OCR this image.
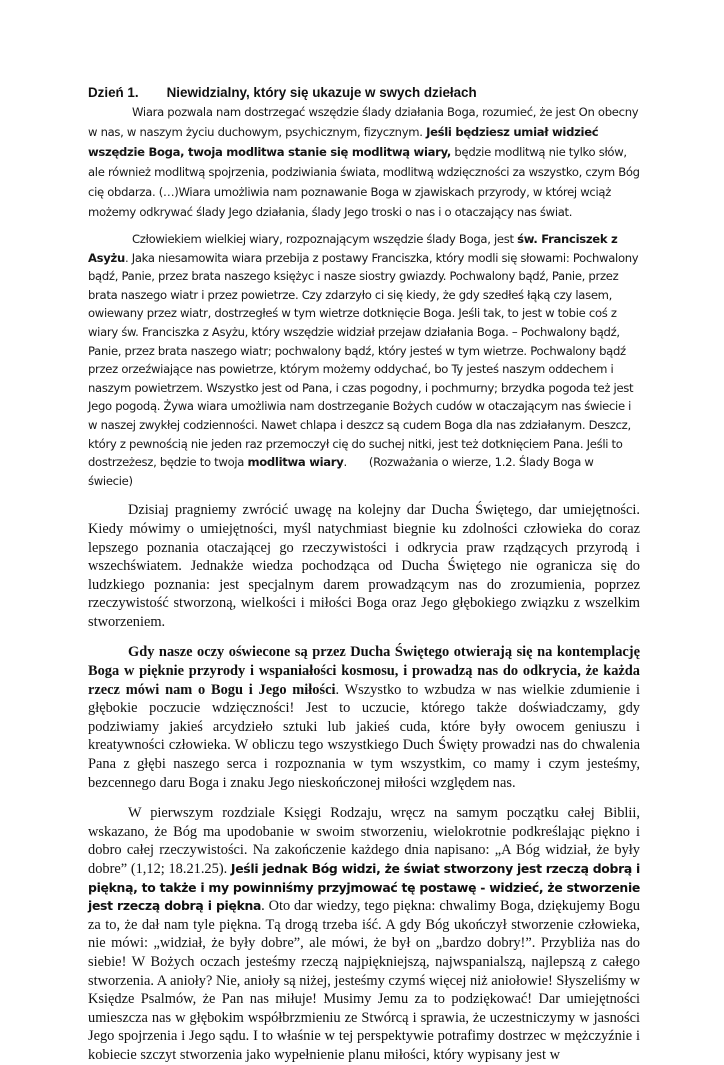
Dzień 1. Niewidzialny, który się ukazuje w swych dziełach

Wiara pozwala nam dostrzegać wszędzie ślady działania Boga, rozumieć, że jest On obecny w nas, w naszym życiu duchowym, psychicznym, fizycznym. Jeśli będziesz umiał widzieć wszędzie Boga, twoja modlitwa stanie się modlitwą wiary, będzie modlitwą nie tylko słów, ale również modlitwą spojrzenia, podziwiania świata, modlitwą wdzięczności za wszystko, czym Bóg cię obdarza. (…)Wiara umożliwia nam poznawanie Boga w zjawiskach przyrody, w której wciąż możemy odkrywać ślady Jego działania, ślady Jego troski o nas i o otaczający nas świat.

Człowiekiem wielkiej wiary, rozpoznającym wszędzie ślady Boga, jest św. Franciszek z Asyżu. Jaka niesamowita wiara przebija z postawy Franciszka, który modli się słowami: Pochwalony bądź, Panie, przez brata naszego księżyc i nasze siostry gwiazdy. Pochwalony bądź, Panie, przez brata naszego wiatr i przez powietrze. Czy zdarzyło ci się kiedy, że gdy szedłeś łąką czy lasem, owiewany przez wiatr, dostrzegłeś w tym wietrze dotknięcie Boga. Jeśli tak, to jest w tobie coś z wiary św. Franciszka z Asyżu, który wszędzie widział przejaw działania Boga. – Pochwalony bądź, Panie, przez brata naszego wiatr; pochwalony bądź, który jesteś w tym wietrze. Pochwalony bądź przez orzeźwiające nas powietrze, którym możemy oddychać, bo Ty jesteś naszym oddechem i naszym powietrzem. Wszystko jest od Pana, i czas pogodny, i pochmurny; brzydka pogoda też jest Jego pogodą. Żywa wiara umożliwia nam dostrzeganie Bożych cudów w otaczającym nas świecie i w naszej zwykłej codzienności. Nawet chlapa i deszcz są cudem Boga dla nas zdziałanym. Deszcz, który z pewnością nie jeden raz przemoczył cię do suchej nitki, jest też dotknięciem Pana. Jeśli to dostrzeżesz, będzie to twoja modlitwa wiary. (Rozważania o wierze, 1.2. Ślady Boga w świecie)

Dzisiaj pragniemy zwrócić uwagę na kolejny dar Ducha Świętego, dar umiejętności. Kiedy mówimy o umiejętności, myśl natychmiast biegnie ku zdolności człowieka do coraz lepszego poznania otaczającej go rzeczywistości i odkrycia praw rządzących przyrodą i wszechświatem. Jednakże wiedza pochodząca od Ducha Świętego nie ogranicza się do ludzkiego poznania: jest specjalnym darem prowadzącym nas do zrozumienia, poprzez rzeczywistość stworzoną, wielkości i miłości Boga oraz Jego głębokiego związku z wszelkim stworzeniem.

Gdy nasze oczy oświecone są przez Ducha Świętego otwierają się na kontemplację Boga w pięknie przyrody i wspaniałości kosmosu, i prowadzą nas do odkrycia, że każda rzecz mówi nam o Bogu i Jego miłości. Wszystko to wzbudza w nas wielkie zdumienie i głębokie poczucie wdzięczności! Jest to uczucie, którego także doświadczamy, gdy podziwiamy jakieś arcydzieło sztuki lub jakieś cuda, które były owocem geniuszu i kreatywności człowieka. W obliczu tego wszystkiego Duch Święty prowadzi nas do chwalenia Pana z głębi naszego serca i rozpoznania w tym wszystkim, co mamy i czym jesteśmy, bezcennego daru Boga i znaku Jego nieskończonej miłości względem nas.

W pierwszym rozdziale Księgi Rodzaju, wręcz na samym początku całej Biblii, wskazano, że Bóg ma upodobanie w swoim stworzeniu, wielokrotnie podkreślając piękno i dobro całej rzeczywistości. Na zakończenie każdego dnia napisano: „A Bóg widział, że były dobre” (1,12; 18.21.25). Jeśli jednak Bóg widzi, że świat stworzony jest rzeczą dobrą i piękną, to także i my powinniśmy przyjmować tę postawę - widzieć, że stworzenie jest rzeczą dobrą i piękna. Oto dar wiedzy, tego piękna: chwalimy Boga, dziękujemy Bogu za to, że dał nam tyle piękna. Tą drogą trzeba iść. A gdy Bóg ukończył stworzenie człowieka, nie mówi: „widział, że były dobre”, ale mówi, że był on „bardzo dobry!”. Przybliża nas do siebie! W Bożych oczach jesteśmy rzeczą najpiękniejszą, najwspanialszą, najlepszą z całego stworzenia. A anioły? Nie, anioły są niżej, jesteśmy czymś więcej niż aniołowie! Słyszeliśmy w Księdze Psalmów, że Pan nas miłuje! Musimy Jemu za to podziękować! Dar umiejętności umieszcza nas w głębokim współbrzmieniu ze Stwórcą i sprawia, że uczestniczymy w jasności Jego spojrzenia i Jego sądu. I to właśnie w tej perspektywie potrafimy dostrzec w mężczyźnie i kobiecie szczyt stworzenia jako wypełnienie planu miłości, który wypisany jest w
